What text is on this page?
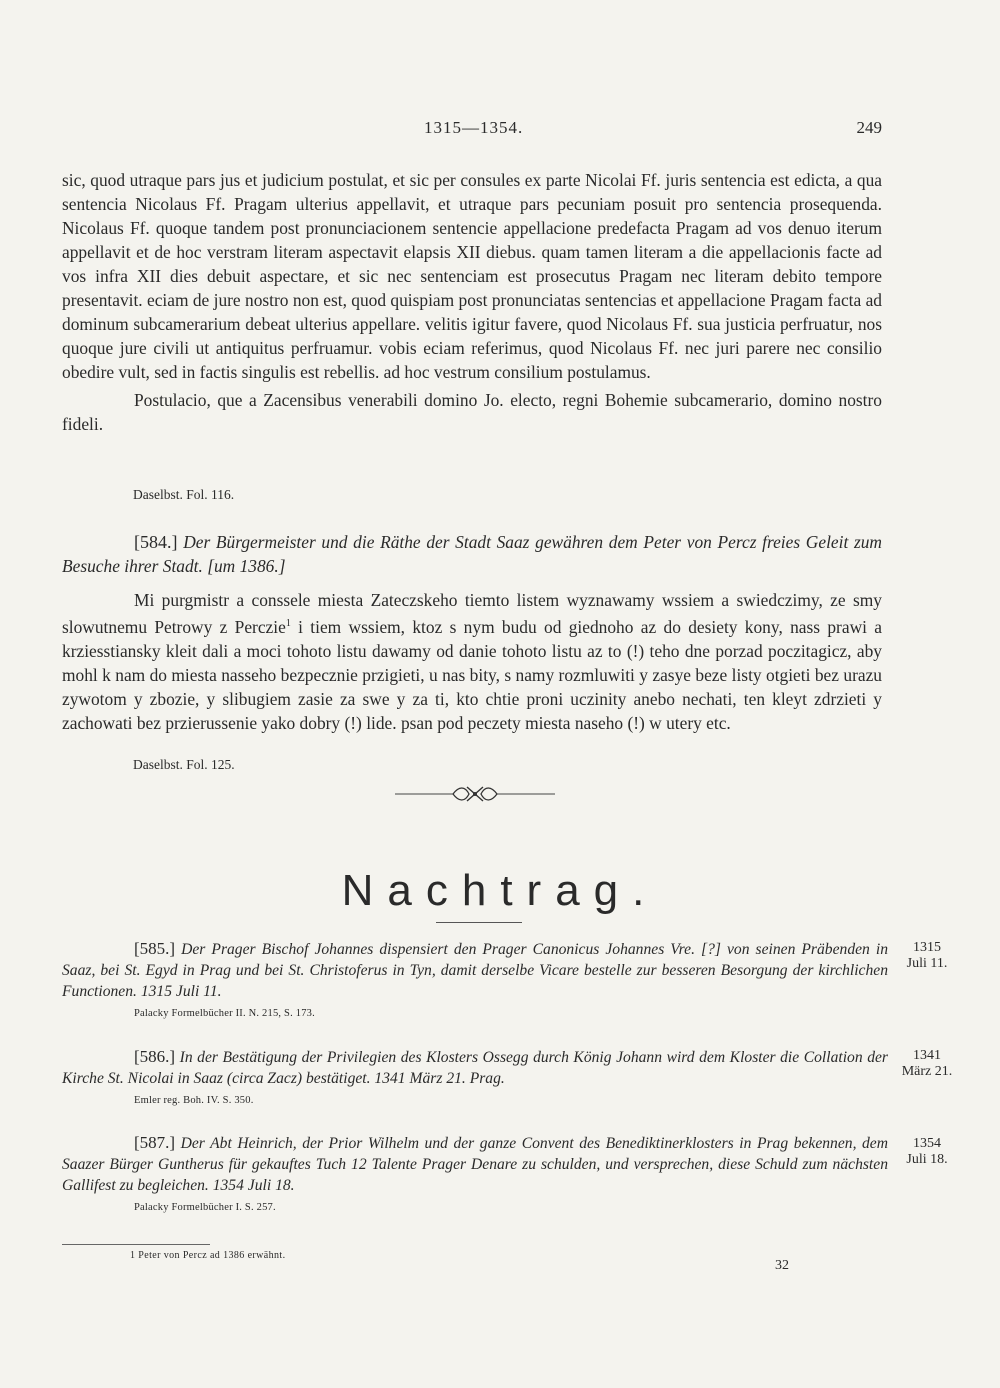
1315—1354.	249

sic, quod utraque pars jus et judicium postulat, et sic per consules ex parte Nicolai Ff. juris sentencia est edicta, a qua sentencia Nicolaus Ff. Pragam ulterius appellavit, et utraque pars pecuniam posuit pro sentencia prosequenda. Nicolaus Ff. quoque tandem post pronunciacionem sentencie appellacione predefacta Pragam ad vos denuo iterum appellavit et de hoc verstram literam aspectavit elapsis XII diebus. quam tamen literam a die appellacionis facte ad vos infra XII dies debuit aspectare, et sic nec sentenciam est prosecutus Pragam nec literam debito tempore presentavit. eciam de jure nostro non est, quod quispiam post pronunciatas sentencias et appellacione Pragam facta ad dominum subcamerarium debeat ulterius appellare. velitis igitur favere, quod Nicolaus Ff. sua justicia perfruatur, nos quoque jure civili ut antiquitus perfruamur. vobis eciam referimus, quod Nicolaus Ff. nec juri parere nec consilio obedire vult, sed in factis singulis est rebellis. ad hoc vestrum consilium postulamus.

Postulacio, que a Zacensibus venerabili domino Jo. electo, regni Bohemie subcamerario, domino nostro fideli.

Daselbst. Fol. 116.

[584.] Der Bürgermeister und die Räthe der Stadt Saaz gewähren dem Peter von Percz freies Geleit zum Besuche ihrer Stadt. [um 1386.]

Mi purgmistr a conssele miesta Zateczskeho tiemto listem wyznawamy wssiem a swiedczimy, ze smy slowutnemu Petrowy z Perczie$^1$ i tiem wssiem, ktoz s nym budu od giednoho az do desiety kony, nass prawi a krziesstiansky kleit dali a moci tohoto listu dawamy od danie tohoto listu az to (!) teho dne porzad poczitagicz, aby mohl k nam do miesta nasseho bezpecznie przigieti, u nas bity, s namy rozmluwiti y zasye beze listy otgieti bez urazu zywotom y zbozie, y slibugiem zasie za swe y za ti, kto chtie proni uczinity anebo nechati, ten kleyt zdrzieti y zachowati bez przierussenie yako dobry (!) lide. psan pod peczety miesta naseho (!) w utery etc.

Daselbst. Fol. 125.

Nachtrag.

[585.] Der Prager Bischof Johannes dispensiert den Prager Canonicus Johannes Vre. [?] von seinen Präbenden in Saaz, bei St. Egyd in Prag und bei St. Christoferus in Tyn, damit derselbe Vicare bestelle zur besseren Besorgung der kirchlichen Functionen. 1315 Juli 11.

Palacky Formelbücher II. N. 215, S. 173.

1315
Juli 11.

[586.] In der Bestätigung der Privilegien des Klosters Ossegg durch König Johann wird dem Kloster die Collation der Kirche St. Nicolai in Saaz (circa Zacz) bestätiget. 1341 März 21. Prag.

Emler reg. Boh. IV. S. 350.

1341
März 21.

[587.] Der Abt Heinrich, der Prior Wilhelm und der ganze Convent des Benediktinerklosters in Prag bekennen, dem Saazer Bürger Guntherus für gekauftes Tuch 12 Talente Prager Denare zu schulden, und versprechen, diese Schuld zum nächsten Gallifest zu begleichen. 1354 Juli 18.

Palacky Formelbücher I. S. 257.

1354
Juli 18.
1 Peter von Percz ad 1386 erwähnt.
32
